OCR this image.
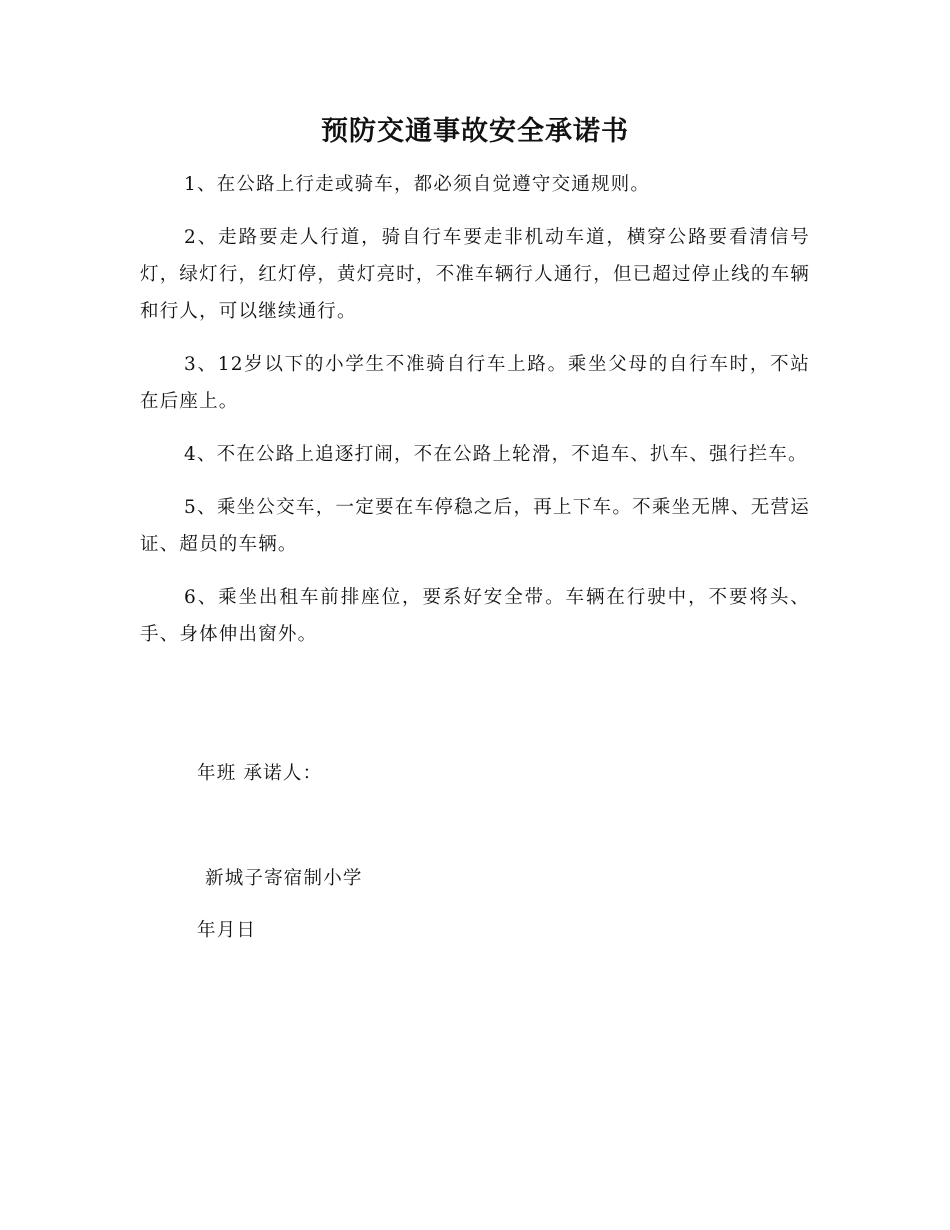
预防交通事故安全承诺书

1、在公路上行走或骑车，都必须自觉遵守交通规则。

2、走路要走人行道，骑自行车要走非机动车道，横穿公路要看清信号灯，绿灯行，红灯停，黄灯亮时，不准车辆行人通行，但已超过停止线的车辆和行人，可以继续通行。

3、12岁以下的小学生不准骑自行车上路。乘坐父母的自行车时，不站在后座上。

4、不在公路上追逐打闹，不在公路上轮滑，不追车、扒车、强行拦车。

5、乘坐公交车，一定要在车停稳之后，再上下车。不乘坐无牌、无营运证、超员的车辆。

6、乘坐出租车前排座位，要系好安全带。车辆在行驶中，不要将头、手、身体伸出窗外。

年班 承诺人：
新城子寄宿制小学
年月日
